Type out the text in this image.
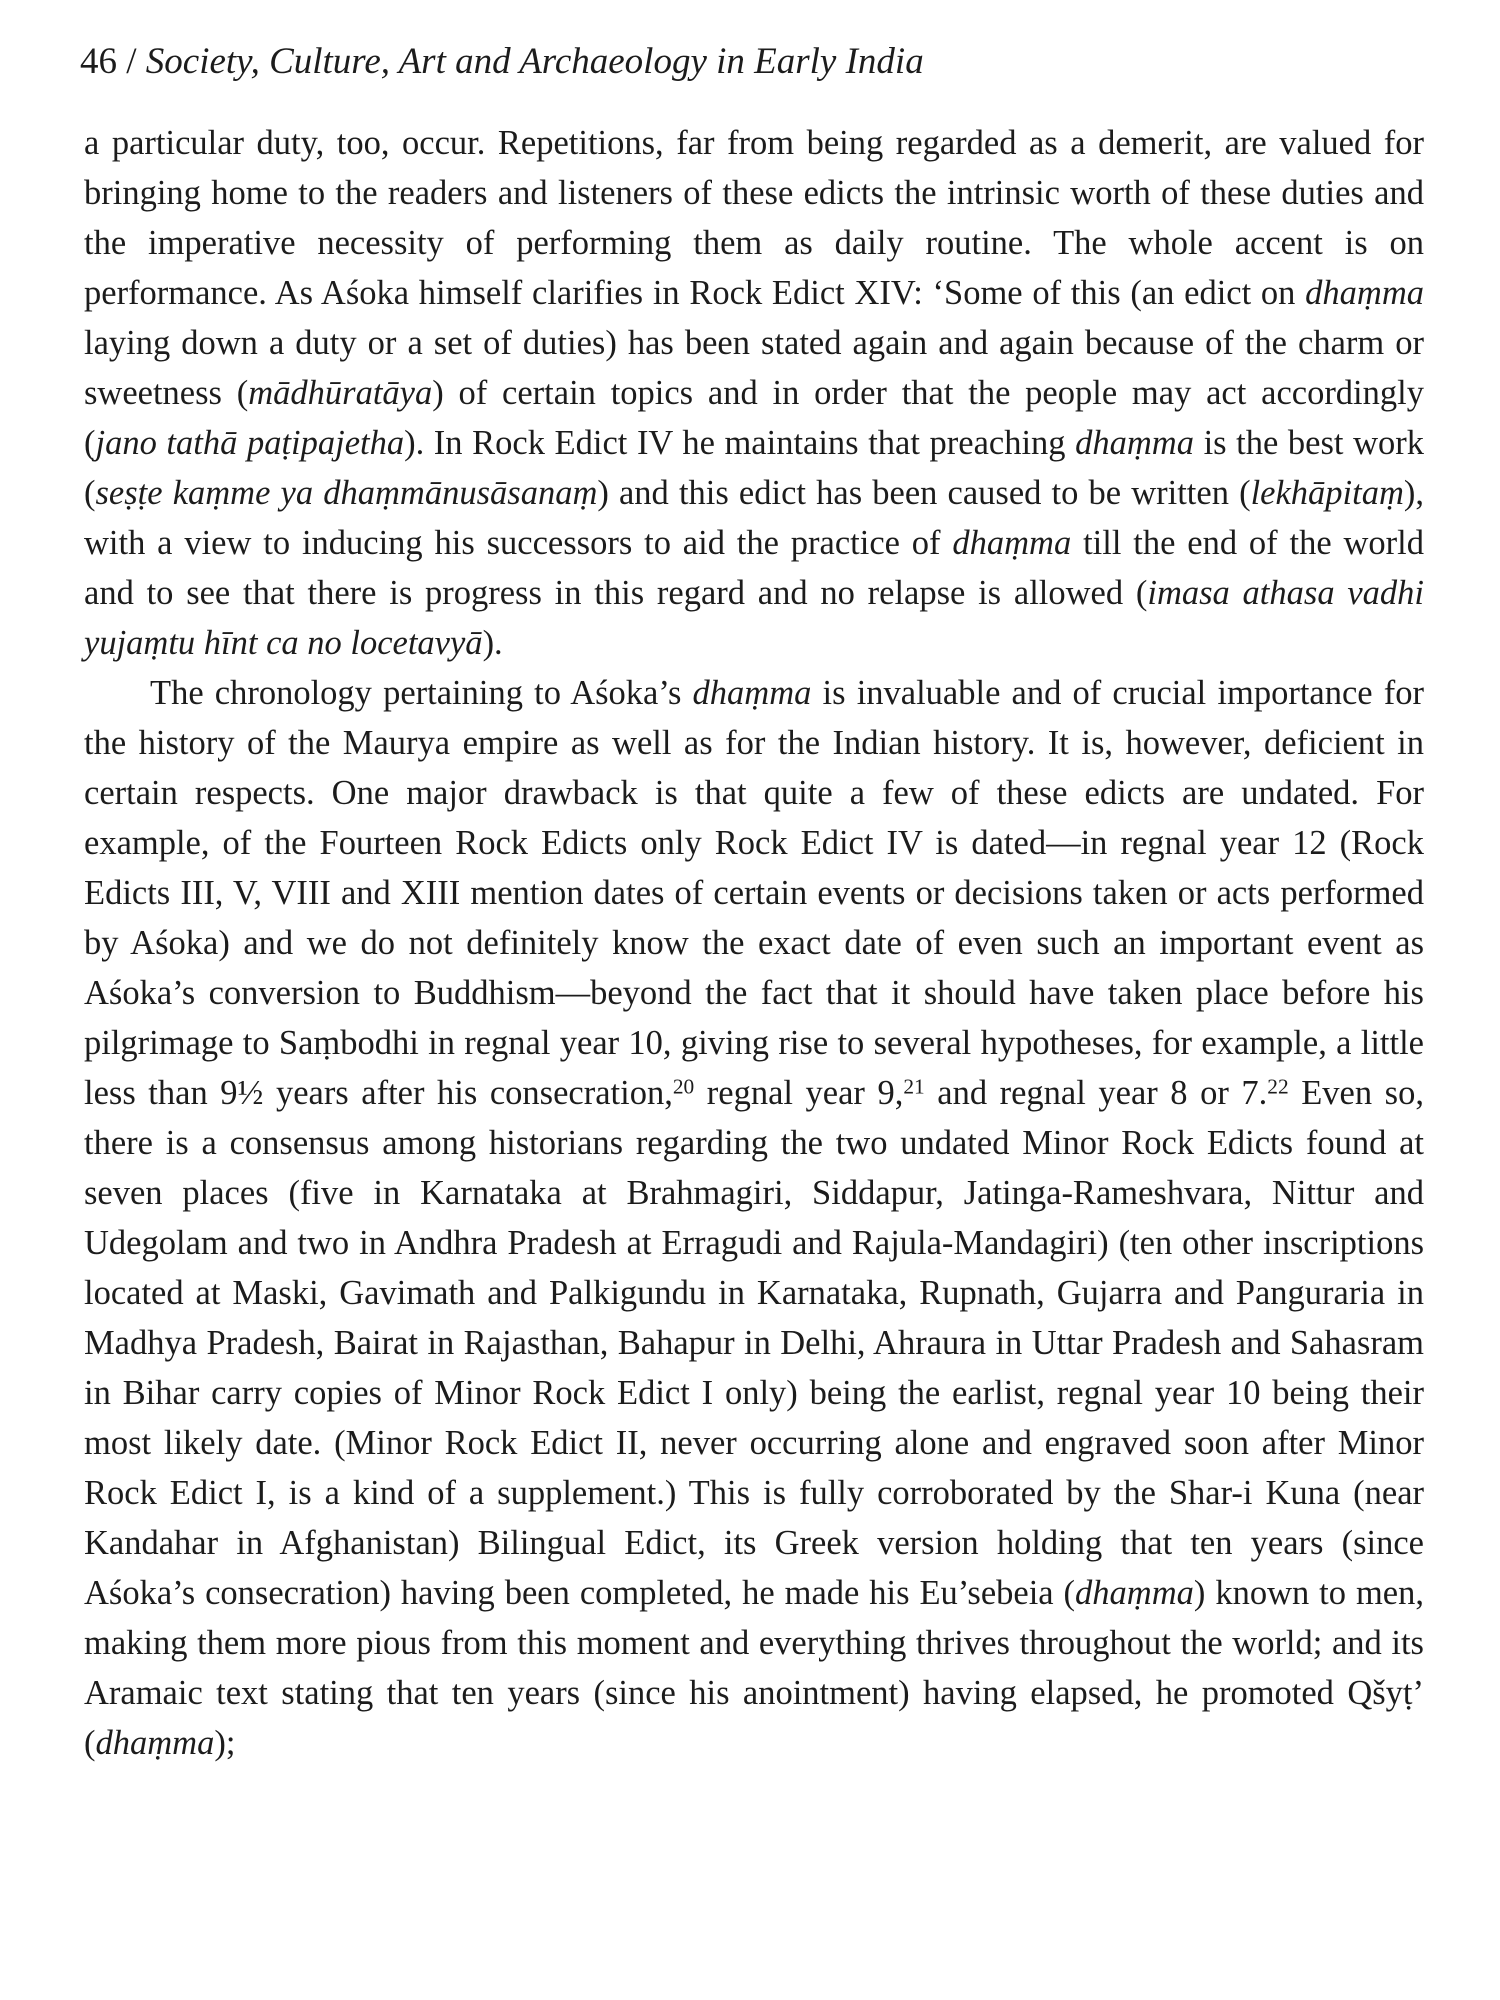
46 / Society, Culture, Art and Archaeology in Early India

a particular duty, too, occur. Repetitions, far from being regarded as a demerit, are valued for bringing home to the readers and listeners of these edicts the intrinsic worth of these duties and the imperative necessity of performing them as daily routine. The whole accent is on performance. As Aśoka himself clarifies in Rock Edict XIV: ‘Some of this (an edict on dhaṃma laying down a duty or a set of duties) has been stated again and again because of the charm or sweetness (mādhūratāya) of certain topics and in order that the people may act accordingly (jano tathā paṭipajetha). In Rock Edict IV he maintains that preaching dhaṃma is the best work (seṣṭe kaṃme ya dhaṃmānusāsanaṃ) and this edict has been caused to be written (lekhāpitaṃ), with a view to inducing his successors to aid the practice of dhaṃma till the end of the world and to see that there is progress in this regard and no relapse is allowed (imasa athasa vadhi yujaṃtu hīnt ca no locetavyā).

The chronology pertaining to Aśoka’s dhaṃma is invaluable and of crucial importance for the history of the Maurya empire as well as for the Indian history. It is, however, deficient in certain respects. One major drawback is that quite a few of these edicts are undated. For example, of the Fourteen Rock Edicts only Rock Edict IV is dated—in regnal year 12 (Rock Edicts III, V, VIII and XIII mention dates of certain events or decisions taken or acts performed by Aśoka) and we do not definitely know the exact date of even such an important event as Aśoka’s conversion to Buddhism—beyond the fact that it should have taken place before his pilgrimage to Saṃbodhi in regnal year 10, giving rise to several hypotheses, for example, a little less than 9½ years after his consecration,$^{20}$ regnal year 9,21 and regnal year 8 or 7.22 Even so, there is a consensus among historians regarding the two undated Minor Rock Edicts found at seven places (five in Karnataka at Brahmagiri, Siddapur, Jatinga-Rameshvara, Nittur and Udegolam and two in Andhra Pradesh at Erragudi and Rajula-Mandagiri) (ten other inscriptions located at Maski, Gavimath and Palkigundu in Karnataka, Rupnath, Gujarra and Panguraria in Madhya Pradesh, Bairat in Rajasthan, Bahapur in Delhi, Ahraura in Uttar Pradesh and Sahasram in Bihar carry copies of Minor Rock Edict I only) being the earlist, regnal year 10 being their most likely date. (Minor Rock Edict II, never occurring alone and engraved soon after Minor Rock Edict I, is a kind of a supplement.) This is fully corroborated by the Shar-i Kuna (near Kandahar in Afghanistan) Bilingual Edict, its Greek version holding that ten years (since Aśoka’s consecration) having been completed, he made his Eu’sebeia (dhaṃma) known to men, making them more pious from this moment and everything thrives throughout the world; and its Aramaic text stating that ten years (since his anointment) having elapsed, he promoted Qšyṭ’ (dhaṃma);
